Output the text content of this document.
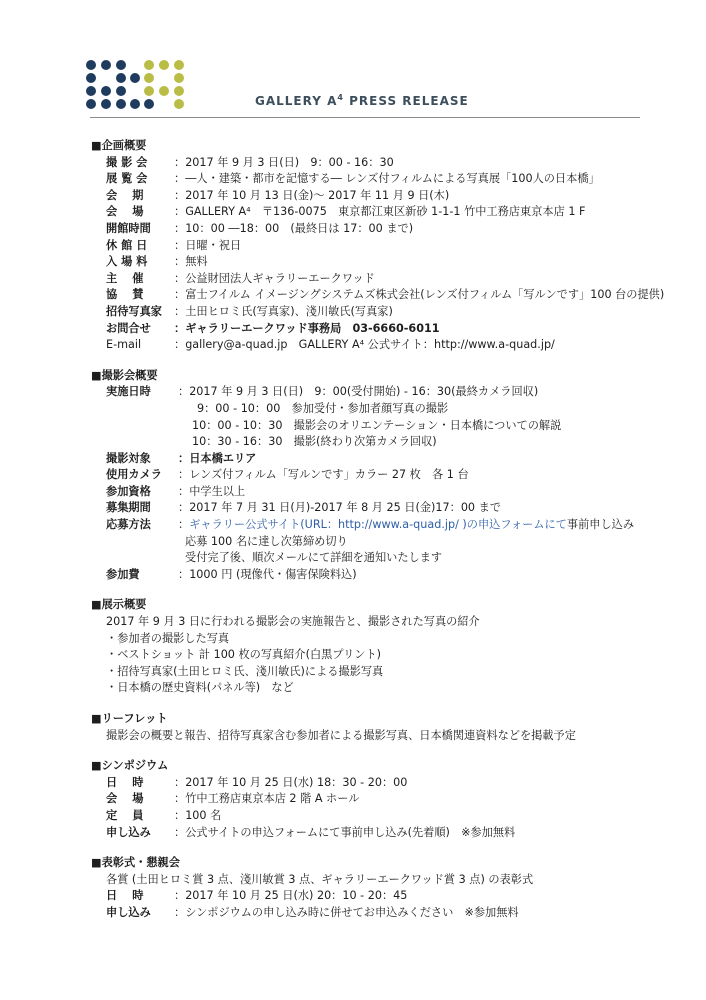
GALLERY $A^4$ PRESS RELEASE
■企画概要
撮 影 会	：2017 年 9 月 3 日(日)　9：00 - 16：30
展 覧 会	：―人・建築・都市を記憶する― レンズ付フィルムによる写真展「100人の日本橋」
会　 期	：2017 年 10 月 13 日(金)～ 2017 年 11 月 9 日(木)
会　 場	：GALLERY A⁴　〒136-0075　東京都江東区新砂 1-1-1 竹中工務店東京本店 1 F
開館時間	：10：00 ―18：00　(最終日は 17：00 まで)
休 館 日	：日曜・祝日
入 場 料	：無料
主　 催	：公益財団法人ギャラリーエークワッド
協　 賛	：富士フイルム イメージングシステムズ株式会社(レンズ付フィルム「写ルンです」100 台の提供)
招待写真家	：土田ヒロミ氏(写真家)、淺川敏氏(写真家)
お問合せ	：ギャラリーエークワッド事務局　03-6660-6011
E-mail	：gallery@a-quad.jp　GALLERY A⁴ 公式サイト：http://www.a-quad.jp/
■撮影会概要
実施日時	：2017 年 9 月 3 日(日)　9：00(受付開始) - 16：30(最終カメラ回収)
9：00 - 10：00　参加受付・参加者顔写真の撮影
10：00 - 10：30　撮影会のオリエンテーション・日本橋についての解説
10：30 - 16：30　撮影(終わり次第カメラ回収)
撮影対象	：日本橋エリア
使用カメラ	：レンズ付フィルム「写ルンです」カラー 27 枚　各 1 台
参加資格	：中学生以上
募集期間	：2017 年 7 月 31 日(月)-2017 年 8 月 25 日(金)17：00 まで
応募方法	：ギャラリー公式サイト(URL：http://www.a-quad.jp/ )の申込フォームにて事前申し込み
応募 100 名に達し次第締め切り
受付完了後、順次メールにて詳細を通知いたします
参加費	：1000 円 (現像代・傷害保険料込)
■展示概要
2017 年 9 月 3 日に行われる撮影会の実施報告と、撮影された写真の紹介
・参加者の撮影した写真
・ベストショット 計 100 枚の写真紹介(白黒プリント)
・招待写真家(土田ヒロミ氏、淺川敏氏)による撮影写真
・日本橋の歴史資料(パネル等)　など
■リーフレット
撮影会の概要と報告、招待写真家含む参加者による撮影写真、日本橋関連資料などを掲載予定
■シンポジウム
日　 時	：2017 年 10 月 25 日(水) 18：30 - 20：00
会　 場	：竹中工務店東京本店 2 階 A ホール
定　 員	：100 名
申し込み	：公式サイトの申込フォームにて事前申し込み(先着順)　※参加無料
■表彰式・懇親会
各賞 (土田ヒロミ賞 3 点、淺川敏賞 3 点、ギャラリーエークワッド賞 3 点) の表彰式
日　 時	：2017 年 10 月 25 日(水) 20：10 - 20：45
申し込み	：シンポジウムの申し込み時に併せてお申込みください　※参加無料
